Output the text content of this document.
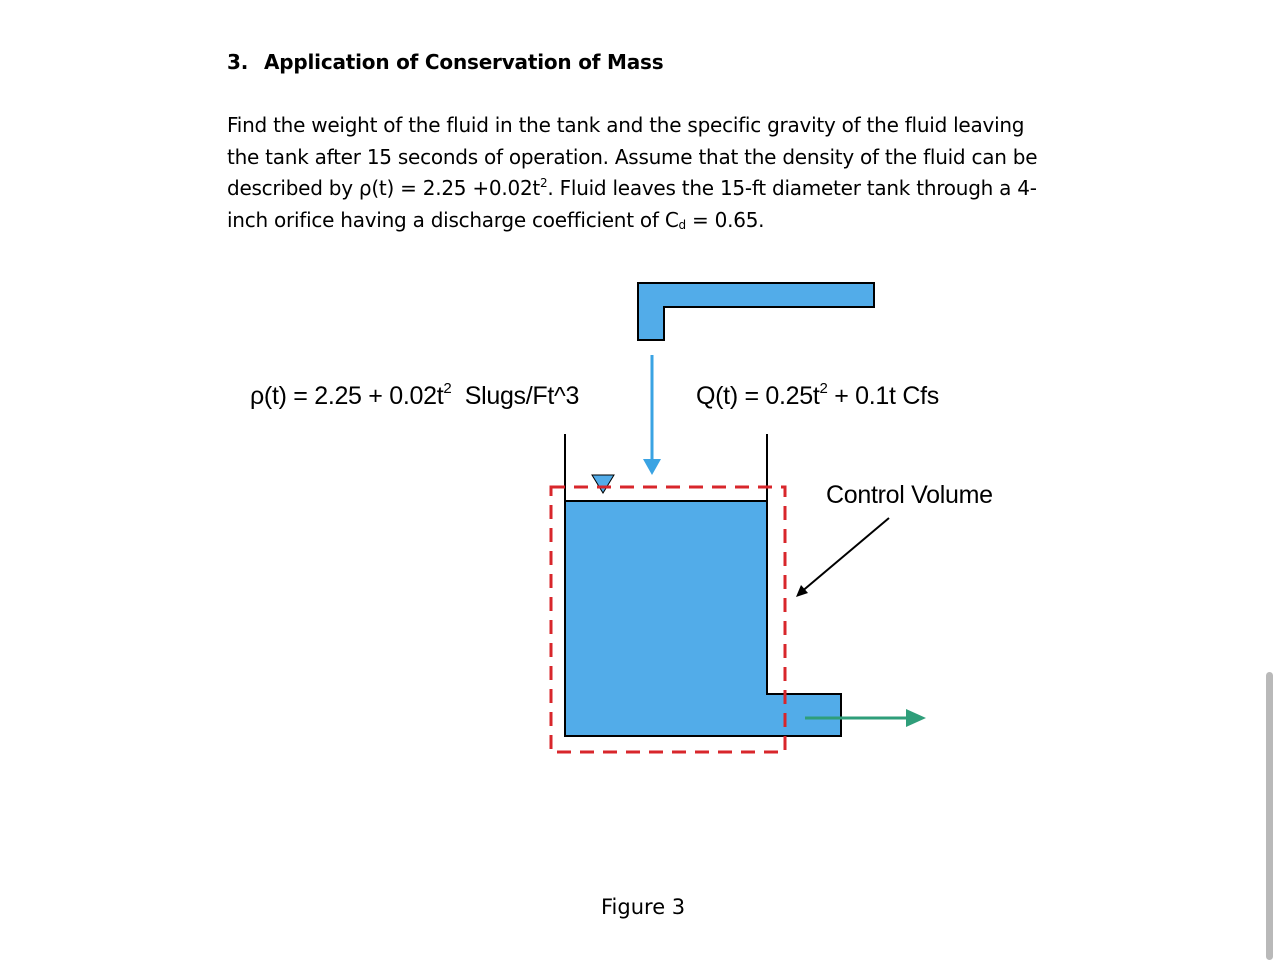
3. Application of Conservation of Mass
Find the weight of the fluid in the tank and the specific gravity of the fluid leaving
the tank after 15 seconds of operation. Assume that the density of the fluid can be
described by $\rho(t) = 2.25 +0.02t^2$. Fluid leaves the 15-ft diameter tank through a 4-
inch orifice having a discharge coefficient of $C_d = 0.65$.
$\rho(t) = 2.25 + 0.02t^2$  Slugs/Ft^3	$Q(t) = 0.25t^2 + 0.1t$ Cfs
Control Volume
Figure 3
